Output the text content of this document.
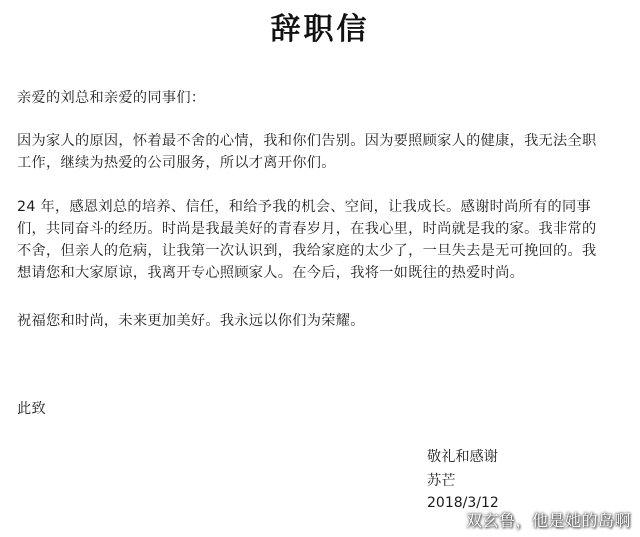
辞职信
亲爱的刘总和亲爱的同事们：
因为家人的原因，怀着最不舍的心情，我和你们告别。因为要照顾家人的健康，我无法全职
工作，继续为热爱的公司服务，所以才离开你们。
24 年，感恩刘总的培养、信任，和给予我的机会、空间，让我成长。感谢时尚所有的同事
们，共同奋斗的经历。时尚是我最美好的青春岁月，在我心里，时尚就是我的家。我非常的
不舍，但亲人的危病，让我第一次认识到，我给家庭的太少了，一旦失去是无可挽回的。我
想请您和大家原谅，我离开专心照顾家人。在今后，我将一如既往的热爱时尚。
祝福您和时尚，未来更加美好。我永远以你们为荣耀。
此致
敬礼和感谢
苏芒
2018/3/12
双玄鲁，他是她的岛啊
